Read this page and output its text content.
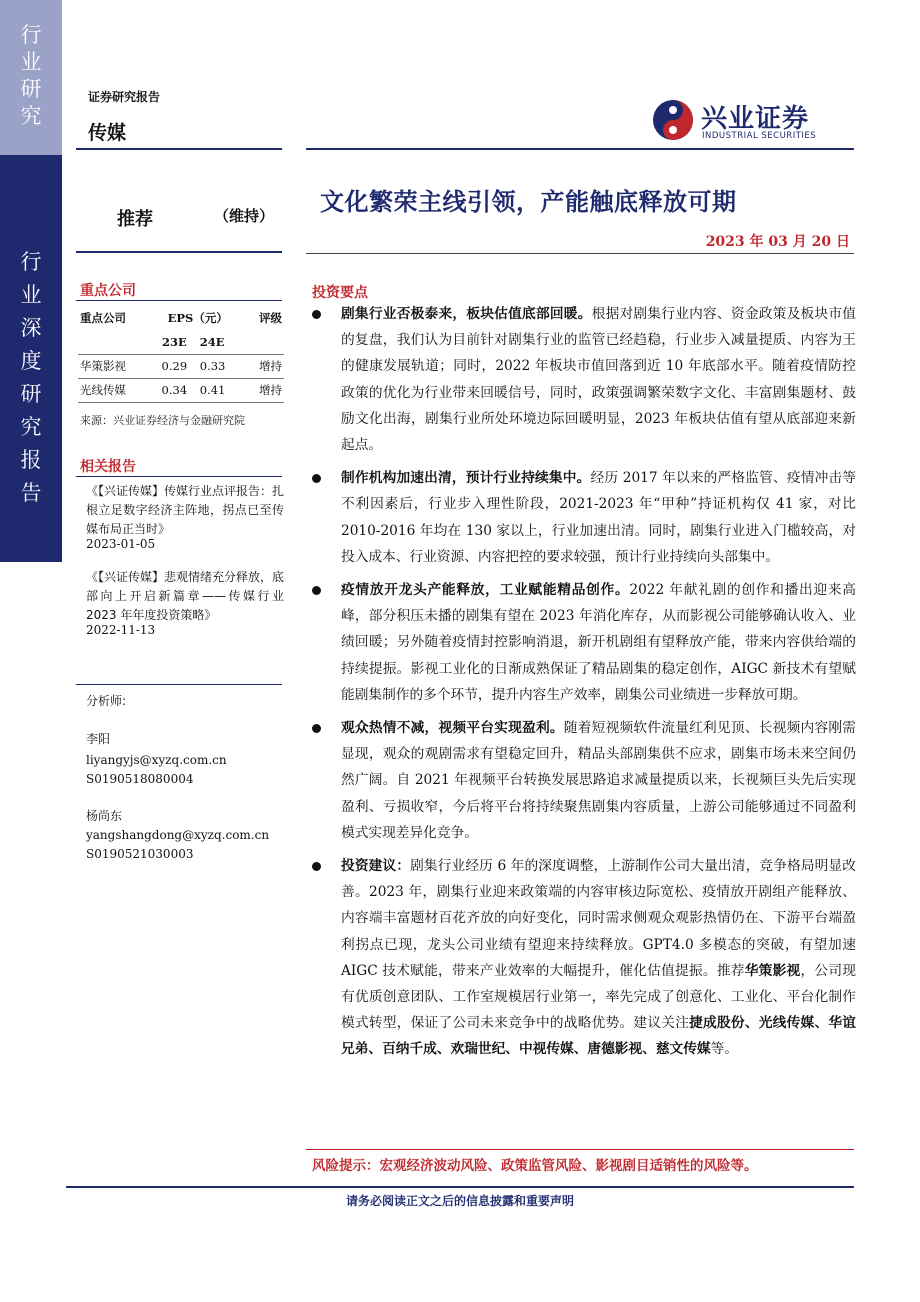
行
业
研
究
行
业
深
度
研
究
报
告
证券研究报告
传媒	兴业证券
INDUSTRIAL SECURITIES
文化繁荣主线引领，产能触底释放可期
推荐	（维持）
2023 年 03 月 20 日
重点公司
重点公司	EPS（元）		评级
	23E	24E	
华策影视	0.29	0.33	增持
光线传媒	0.34	0.41	增持
来源：兴业证券经济与金融研究院
相关报告
《【兴证传媒】传媒行业点评报告：扎根立足数字经济主阵地，拐点已至传媒布局正当时》
2023-01-05
《【兴证传媒】悲观情绪充分释放，底部向上开启新篇章——传媒行业 2023 年年度投资策略》
2022-11-13
分析师:
李阳
liyangyjs@xyzq.com.cn
S0190518080004
杨尚东
yangshangdong@xyzq.com.cn
S0190521030003
投资要点
剧集行业否极泰来，板块估值底部回暖。根据对剧集行业内容、资金政策及板块市值的复盘，我们认为目前针对剧集行业的监管已经趋稳，行业步入减量提质、内容为王的健康发展轨道；同时，2022 年板块市值回落到近 10 年底部水平。随着疫情防控政策的优化为行业带来回暖信号，同时，政策强调繁荣数字文化、丰富剧集题材、鼓励文化出海，剧集行业所处环境边际回暖明显，2023 年板块估值有望从底部迎来新起点。
制作机构加速出清，预计行业持续集中。经历 2017 年以来的严格监管、疫情冲击等不利因素后，行业步入理性阶段，2021-2023 年“甲种”持证机构仅 41 家，对比 2010-2016 年均在 130 家以上，行业加速出清。同时，剧集行业进入门槛较高，对投入成本、行业资源、内容把控的要求较强，预计行业持续向头部集中。
疫情放开龙头产能释放，工业赋能精品创作。2022 年献礼剧的创作和播出迎来高峰，部分积压未播的剧集有望在 2023 年消化库存，从而影视公司能够确认收入、业绩回暖；另外随着疫情封控影响消退，新开机剧组有望释放产能，带来内容供给端的持续提振。影视工业化的日渐成熟保证了精品剧集的稳定创作，AIGC 新技术有望赋能剧集制作的多个环节，提升内容生产效率，剧集公司业绩进一步释放可期。
观众热情不减，视频平台实现盈利。随着短视频软件流量红利见顶、长视频内容刚需显现，观众的观剧需求有望稳定回升，精品头部剧集供不应求，剧集市场未来空间仍然广阔。自 2021 年视频平台转换发展思路追求减量提质以来，长视频巨头先后实现盈利、亏损收窄，今后将平台将持续聚焦剧集内容质量，上游公司能够通过不同盈利模式实现差异化竞争。
投资建议：剧集行业经历 6 年的深度调整，上游制作公司大量出清，竞争格局明显改善。2023 年，剧集行业迎来政策端的内容审核边际宽松、疫情放开剧组产能释放、内容端丰富题材百花齐放的向好变化，同时需求侧观众观影热情仍在、下游平台端盈利拐点已现，龙头公司业绩有望迎来持续释放。GPT4.0 多模态的突破，有望加速 AIGC 技术赋能，带来产业效率的大幅提升，催化估值提振。推荐华策影视，公司现有优质创意团队、工作室规模居行业第一，率先完成了创意化、工业化、平台化制作模式转型，保证了公司未来竞争中的战略优势。建议关注捷成股份、光线传媒、华谊兄弟、百纳千成、欢瑞世纪、中视传媒、唐德影视、慈文传媒等。
风险提示：宏观经济波动风险、政策监管风险、影视剧目适销性的风险等。
请务必阅读正文之后的信息披露和重要声明
